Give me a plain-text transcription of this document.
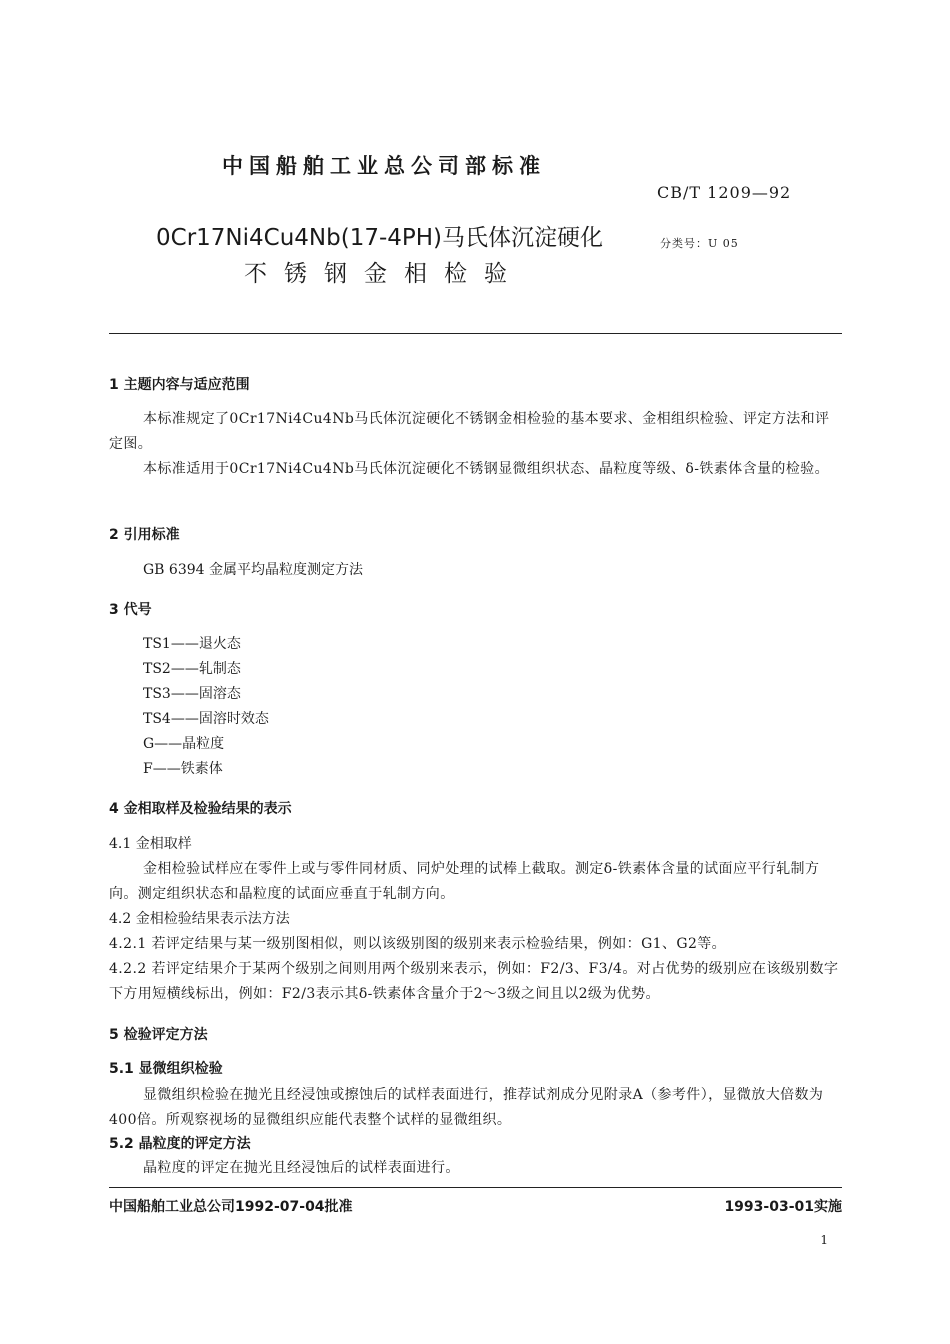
中国船舶工业总公司部标准
CB/T 1209—92
0Cr17Ni4Cu4Nb(17-4PH)马氏体沉淀硬化
不锈钢金相检验
分类号：U 05
1 主题内容与适应范围
本标准规定了0Cr17Ni4Cu4Nb马氏体沉淀硬化不锈钢金相检验的基本要求、金相组织检验、评定方法和评定图。
本标准适用于0Cr17Ni4Cu4Nb马氏体沉淀硬化不锈钢显微组织状态、晶粒度等级、δ-铁素体含量的检验。
2 引用标准
GB 6394 金属平均晶粒度测定方法
3 代号
TS1——退火态
TS2——轧制态
TS3——固溶态
TS4——固溶时效态
G——晶粒度
F——铁素体
4 金相取样及检验结果的表示
4.1 金相取样
金相检验试样应在零件上或与零件同材质、同炉处理的试棒上截取。测定δ-铁素体含量的试面应平行轧制方向。测定组织状态和晶粒度的试面应垂直于轧制方向。
4.2 金相检验结果表示法方法
4.2.1 若评定结果与某一级别图相似，则以该级别图的级别来表示检验结果，例如：G1、G2等。
4.2.2 若评定结果介于某两个级别之间则用两个级别来表示，例如：F2/3、F3/4。对占优势的级别应在该级别数字下方用短横线标出，例如：F2/3表示其δ-铁素体含量介于2～3级之间且以2级为优势。
5 检验评定方法
5.1 显微组织检验
显微组织检验在抛光且经浸蚀或擦蚀后的试样表面进行，推荐试剂成分见附录A（参考件），显微放大倍数为400倍。所观察视场的显微组织应能代表整个试样的显微组织。
5.2 晶粒度的评定方法
晶粒度的评定在抛光且经浸蚀后的试样表面进行。
中国船舶工业总公司1992-07-04批准	1993-03-01实施
1
